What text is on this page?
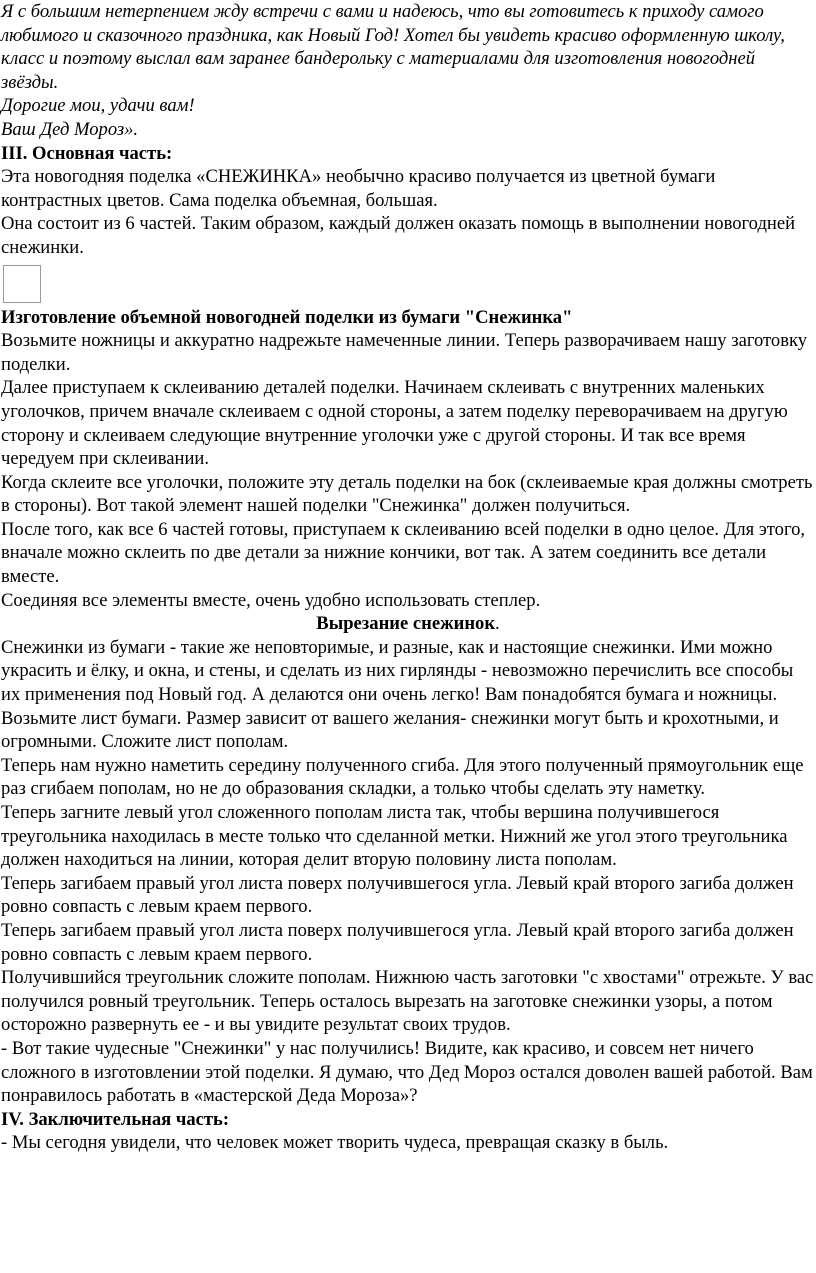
Я с большим нетерпением жду встречи с вами и надеюсь, что вы готовитесь к приходу самого любимого и сказочного праздника, как Новый Год! Хотел бы увидеть красиво оформленную школу, класс и поэтому выслал вам заранее бандерольку с материалами для изготовления новогодней звёзды.

Дорогие мои, удачи вам!

Ваш Дед Мороз».

III. Основная часть:

Эта новогодняя поделка «СНЕЖИНКА» необычно красиво получается из цветной бумаги контрастных цветов. Сама поделка объемная, большая.

Она состоит из 6 частей. Таким образом, каждый должен оказать помощь в выполнении новогодней снежинки.

Изготовление объемной новогодней поделки из бумаги "Снежинка"

Возьмите ножницы и аккуратно надрежьте намеченные линии. Теперь разворачиваем нашу заготовку поделки.

Далее приступаем к склеиванию деталей поделки. Начинаем склеивать с внутренних маленьких уголочков, причем вначале склеиваем с одной стороны, а затем поделку переворачиваем на другую сторону и склеиваем следующие внутренние уголочки уже с другой стороны. И так все время чередуем при склеивании.

Когда склеите все уголочки, положите эту деталь поделки на бок (склеиваемые края должны смотреть в стороны). Вот такой элемент нашей поделки "Снежинка" должен получиться.

После того, как все 6 частей готовы, приступаем к склеиванию всей поделки в одно целое. Для этого, вначале можно склеить по две детали за нижние кончики, вот так. А затем соединить все детали вместе.

Соединяя все элементы вместе, очень удобно использовать степлер.

Вырезание снежинок.

Снежинки из бумаги - такие же неповторимые, и разные, как и настоящие снежинки. Ими можно украсить и ёлку, и окна, и стены, и сделать из них гирлянды - невозможно перечислить все способы их применения под Новый год. А делаются они очень легко! Вам понадобятся бумага и ножницы.

Возьмите лист бумаги. Размер зависит от вашего желания- снежинки могут быть и крохотными, и огромными. Сложите лист пополам.

Теперь нам нужно наметить середину полученного сгиба. Для этого полученный прямоугольник еще раз сгибаем пополам, но не до образования складки, а только чтобы сделать эту наметку.

Теперь загните левый угол сложенного пополам листа так, чтобы вершина получившегося треугольника находилась в месте только что сделанной метки. Нижний же угол этого треугольника должен находиться на линии, которая делит вторую половину листа пополам.

Теперь загибаем правый угол листа поверх получившегося угла. Левый край второго загиба должен ровно совпасть с левым краем первого.

Теперь загибаем правый угол листа поверх получившегося угла. Левый край второго загиба должен ровно совпасть с левым краем первого.

Получившийся треугольник сложите пополам. Нижнюю часть заготовки "с хвостами" отрежьте. У вас получился ровный треугольник. Теперь осталось вырезать на заготовке снежинки узоры, а потом осторожно развернуть ее - и вы увидите результат своих трудов.

- Вот такие чудесные "Снежинки" у нас получились! Видите, как красиво, и совсем нет ничего сложного в изготовлении этой поделки. Я думаю, что Дед Мороз остался доволен вашей работой. Вам понравилось работать в «мастерской Деда Мороза»?

IV. Заключительная часть:

- Мы сегодня увидели, что человек может творить чудеса, превращая сказку в быль.
